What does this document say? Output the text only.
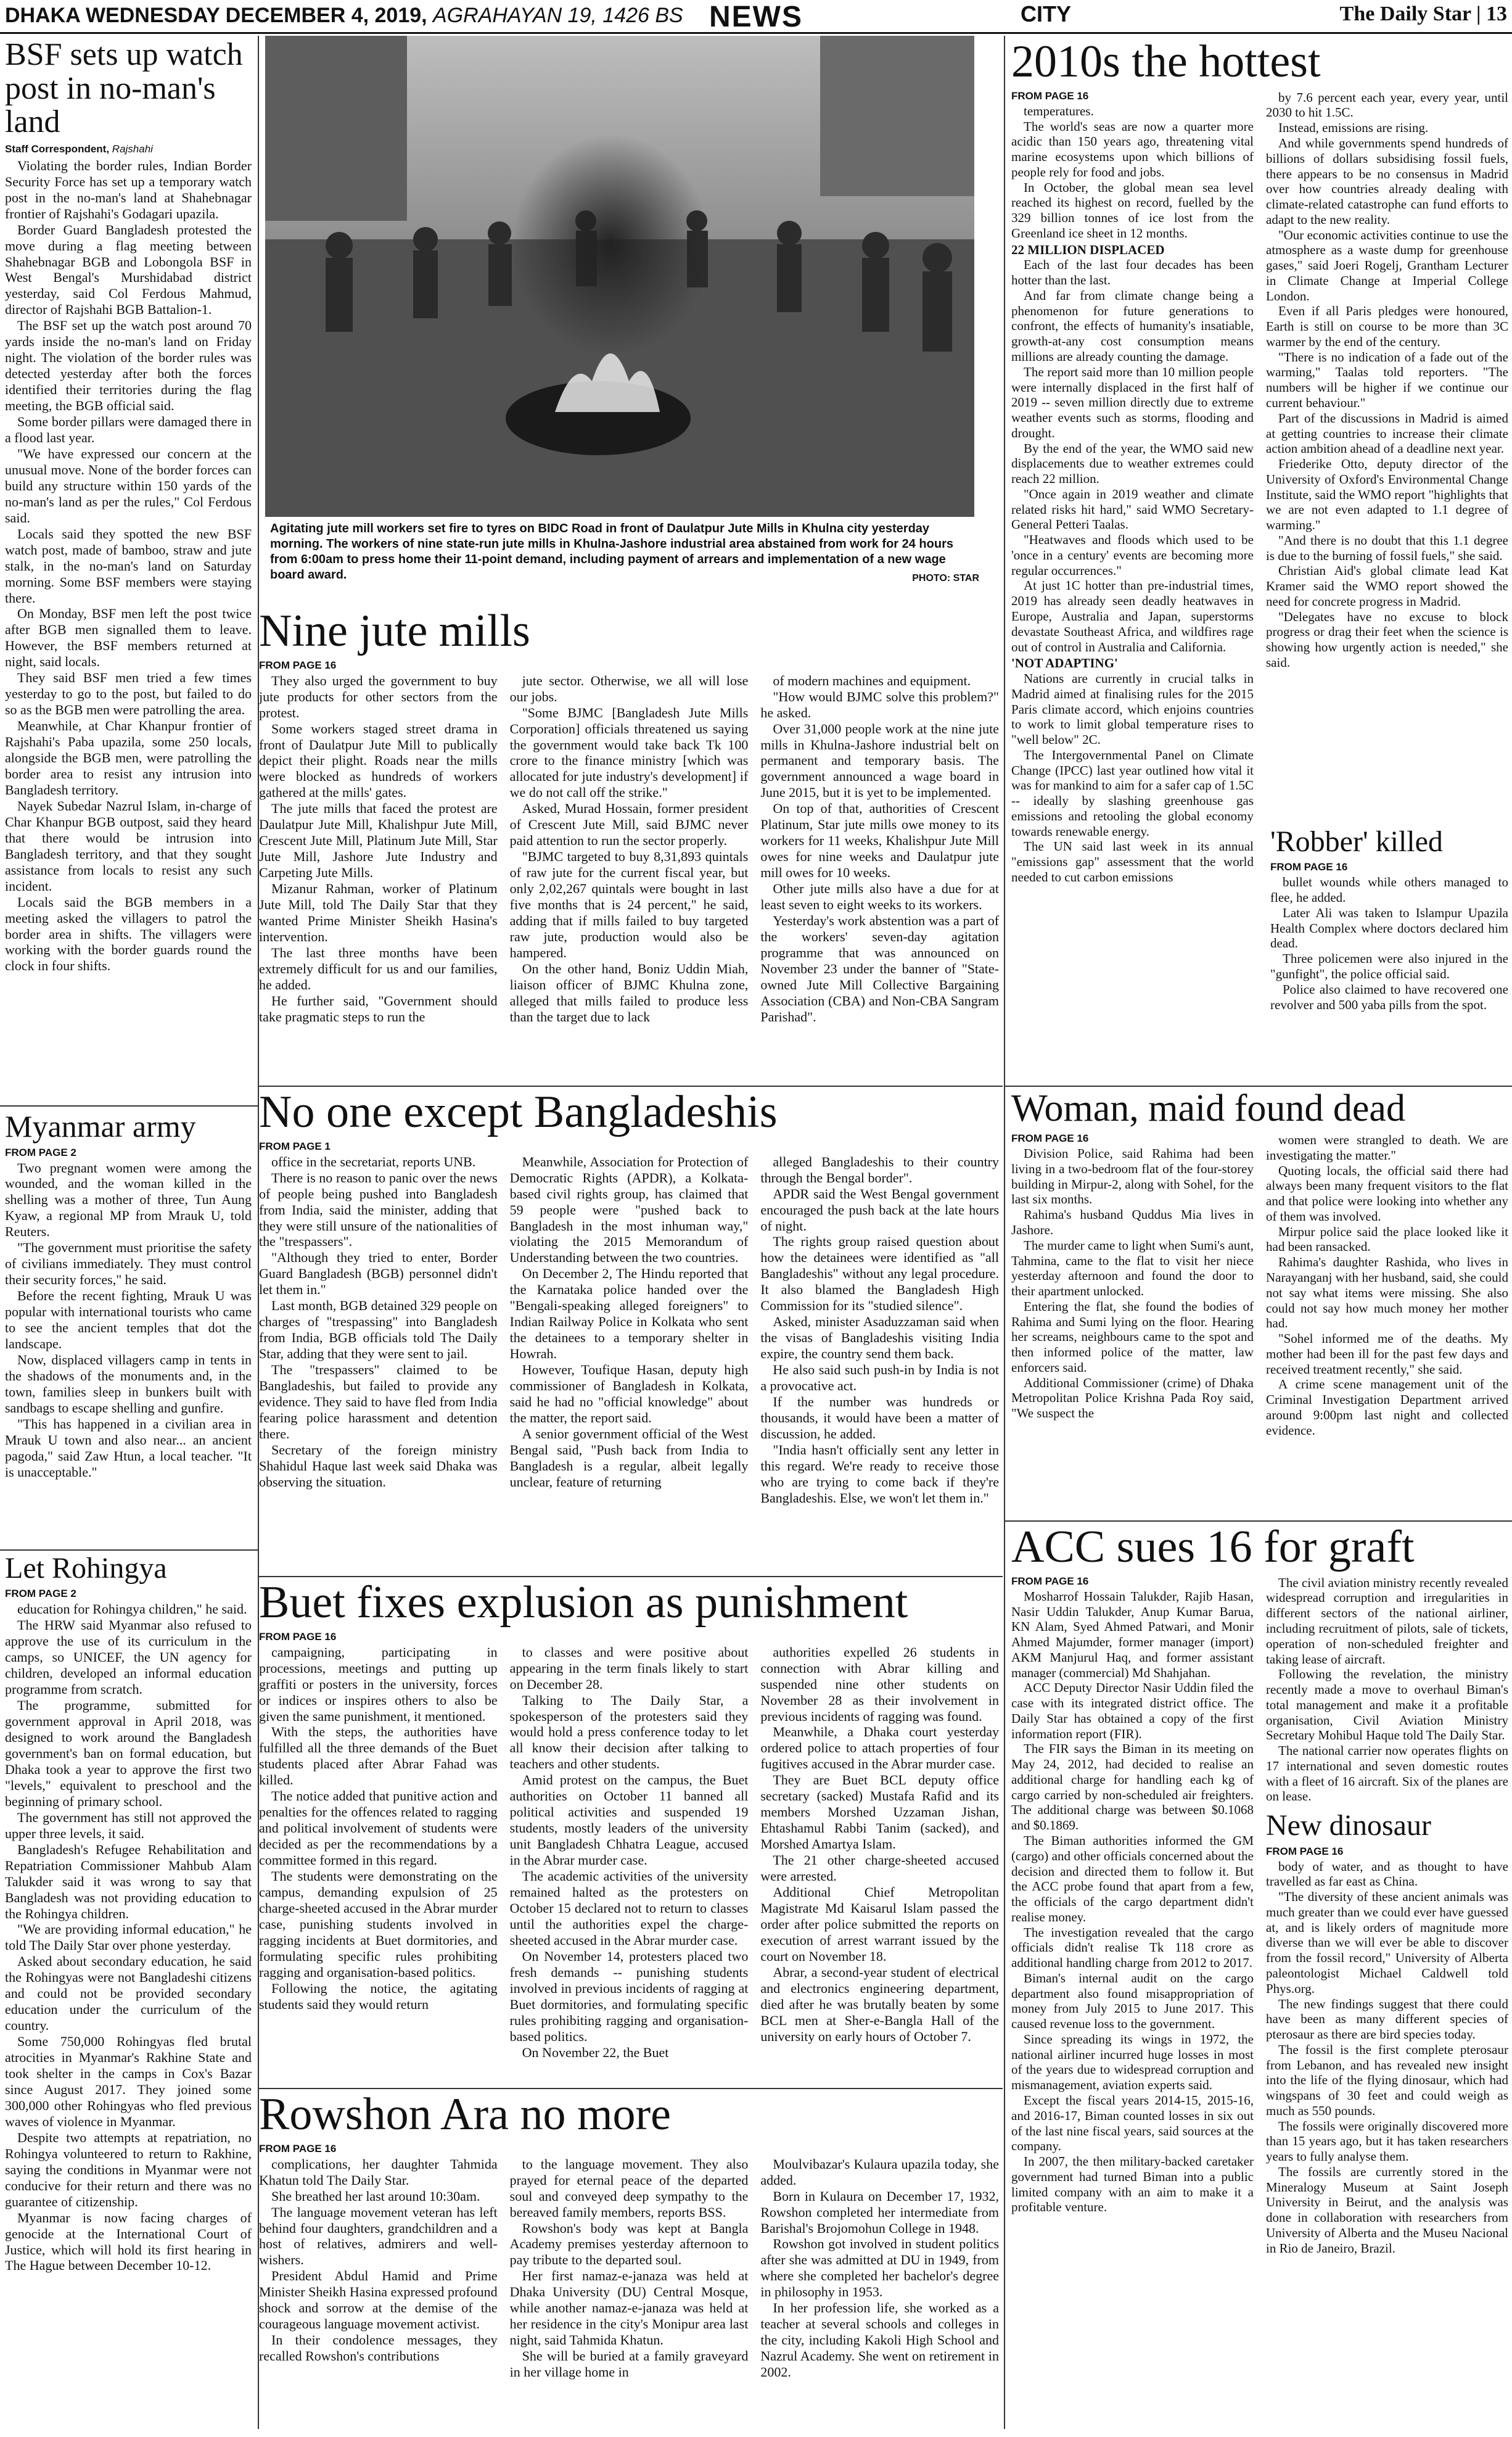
DHAKA WEDNESDAY DECEMBER 4, 2019, AGRAHAYAN 19, 1426 BS NEWS	CITY	The Daily Star | 13
BSF sets up watch post in no-man's land
Staff Correspondent, Rajshahi

Violating the border rules, Indian Border Security Force has set up a temporary watch post in the no-man's land at Shahebnagar frontier of Rajshahi's Godagari upazila.

Border Guard Bangladesh protested the move during a flag meeting between Shahebnagar BGB and Lobongola BSF in West Bengal's Murshidabad district yesterday, said Col Ferdous Mahmud, director of Rajshahi BGB Battalion-1.

The BSF set up the watch post around 70 yards inside the no-man's land on Friday night. The violation of the border rules was detected yesterday after both the forces identified their territories during the flag meeting, the BGB official said.

Some border pillars were damaged there in a flood last year.

"We have expressed our concern at the unusual move. None of the border forces can build any structure within 150 yards of the no-man's land as per the rules," Col Ferdous said.

Locals said they spotted the new BSF watch post, made of bamboo, straw and jute stalk, in the no-man's land on Saturday morning. Some BSF members were staying there.

On Monday, BSF men left the post twice after BGB men signalled them to leave. However, the BSF members returned at night, said locals.

They said BSF men tried a few times yesterday to go to the post, but failed to do so as the BGB men were patrolling the area.

Meanwhile, at Char Khanpur frontier of Rajshahi's Paba upazila, some 250 locals, alongside the BGB men, were patrolling the border area to resist any intrusion into Bangladesh territory.

Nayek Subedar Nazrul Islam, in-charge of Char Khanpur BGB outpost, said they heard that there would be intrusion into Bangladesh territory, and that they sought assistance from locals to resist any such incident.

Locals said the BGB members in a meeting asked the villagers to patrol the border area in shifts. The villagers were working with the border guards round the clock in four shifts.

Myanmar army
FROM PAGE 2

Two pregnant women were among the wounded, and the woman killed in the shelling was a mother of three, Tun Aung Kyaw, a regional MP from Mrauk U, told Reuters.

"The government must prioritise the safety of civilians immediately. They must control their security forces," he said.

Before the recent fighting, Mrauk U was popular with international tourists who came to see the ancient temples that dot the landscape.

Now, displaced villagers camp in tents in the shadows of the monuments and, in the town, families sleep in bunkers built with sandbags to escape shelling and gunfire.

"This has happened in a civilian area in Mrauk U town and also near... an ancient pagoda," said Zaw Htun, a local teacher. "It is unacceptable."

Let Rohingya
FROM PAGE 2

education for Rohingya children," he said.

The HRW said Myanmar also refused to approve the use of its curriculum in the camps, so UNICEF, the UN agency for children, developed an informal education programme from scratch.

The programme, submitted for government approval in April 2018, was designed to work around the Bangladesh government's ban on formal education, but Dhaka took a year to approve the first two "levels," equivalent to preschool and the beginning of primary school.

The government has still not approved the upper three levels, it said.

Bangladesh's Refugee Rehabilitation and Repatriation Commissioner Mahbub Alam Talukder said it was wrong to say that Bangladesh was not providing education to the Rohingya children.

"We are providing informal education," he told The Daily Star over phone yesterday.

Asked about secondary education, he said the Rohingyas were not Bangladeshi citizens and could not be provided secondary education under the curriculum of the country.

Some 750,000 Rohingyas fled brutal atrocities in Myanmar's Rakhine State and took shelter in the camps in Cox's Bazar since August 2017. They joined some 300,000 other Rohingyas who fled previous waves of violence in Myanmar.

Despite two attempts at repatriation, no Rohingya volunteered to return to Rakhine, saying the conditions in Myanmar were not conducive for their return and there was no guarantee of citizenship.

Myanmar is now facing charges of genocide at the International Court of Justice, which will hold its first hearing in The Hague between December 10-12.

Agitating jute mill workers set fire to tyres on BIDC Road in front of Daulatpur Jute Mills in Khulna city yesterday morning. The workers of nine state-run jute mills in Khulna-Jashore industrial area abstained from work for 24 hours from 6:00am to press home their 11-point demand, including payment of arrears and implementation of a new wage board award.	PHOTO: STAR
Nine jute mills
FROM PAGE 16

They also urged the government to buy jute products for other sectors from the protest.

Some workers staged street drama in front of Daulatpur Jute Mill to publically depict their plight. Roads near the mills were blocked as hundreds of workers gathered at the mills' gates.

The jute mills that faced the protest are Daulatpur Jute Mill, Khalishpur Jute Mill, Crescent Jute Mill, Platinum Jute Mill, Star Jute Mill, Jashore Jute Industry and Carpeting Jute Mills.

Mizanur Rahman, worker of Platinum Jute Mill, told The Daily Star that they wanted Prime Minister Sheikh Hasina's intervention.

The last three months have been extremely difficult for us and our families, he added.

He further said, "Government should take pragmatic steps to run the

jute sector. Otherwise, we all will lose our jobs.

"Some BJMC [Bangladesh Jute Mills Corporation] officials threatened us saying the government would take back Tk 100 crore to the finance ministry [which was allocated for jute industry's development] if we do not call off the strike."

Asked, Murad Hossain, former president of Crescent Jute Mill, said BJMC never paid attention to run the sector properly.

"BJMC targeted to buy 8,31,893 quintals of raw jute for the current fiscal year, but only 2,02,267 quintals were bought in last five months that is 24 percent," he said, adding that if mills failed to buy targeted raw jute, production would also be hampered.

On the other hand, Boniz Uddin Miah, liaison officer of BJMC Khulna zone, alleged that mills failed to produce less than the target due to lack

of modern machines and equipment.

"How would BJMC solve this problem?" he asked.

Over 31,000 people work at the nine jute mills in Khulna-Jashore industrial belt on permanent and temporary basis. The government announced a wage board in June 2015, but it is yet to be implemented.

On top of that, authorities of Crescent Platinum, Star jute mills owe money to its workers for 11 weeks, Khalishpur Jute Mill owes for nine weeks and Daulatpur jute mill owes for 10 weeks.

Other jute mills also have a due for at least seven to eight weeks to its workers.

Yesterday's work abstention was a part of the workers' seven-day agitation programme that was announced on November 23 under the banner of "State-owned Jute Mill Collective Bargaining Association (CBA) and Non-CBA Sangram Parishad".

No one except Bangladeshis
FROM PAGE 1

office in the secretariat, reports UNB.

There is no reason to panic over the news of people being pushed into Bangladesh from India, said the minister, adding that they were still unsure of the nationalities of the "trespassers".

"Although they tried to enter, Border Guard Bangladesh (BGB) personnel didn't let them in."

Last month, BGB detained 329 people on charges of "trespassing" into Bangladesh from India, BGB officials told The Daily Star, adding that they were sent to jail.

The "trespassers" claimed to be Bangladeshis, but failed to provide any evidence. They said to have fled from India fearing police harassment and detention there.

Secretary of the foreign ministry Shahidul Haque last week said Dhaka was observing the situation.

Meanwhile, Association for Protection of Democratic Rights (APDR), a Kolkata-based civil rights group, has claimed that 59 people were "pushed back to Bangladesh in the most inhuman way," violating the 2015 Memorandum of Understanding between the two countries.

On December 2, The Hindu reported that the Karnataka police handed over the "Bengali-speaking alleged foreigners" to Indian Railway Police in Kolkata who sent the detainees to a temporary shelter in Howrah.

However, Toufique Hasan, deputy high commissioner of Bangladesh in Kolkata, said he had no "official knowledge" about the matter, the report said.

A senior government official of the West Bengal said, "Push back from India to Bangladesh is a regular, albeit legally unclear, feature of returning

alleged Bangladeshis to their country through the Bengal border".

APDR said the West Bengal government encouraged the push back at the late hours of night.

The rights group raised question about how the detainees were identified as "all Bangladeshis" without any legal procedure. It also blamed the Bangladesh High Commission for its "studied silence".

Asked, minister Asaduzzaman said when the visas of Bangladeshis visiting India expire, the country send them back.

He also said such push-in by India is not a provocative act.

If the number was hundreds or thousands, it would have been a matter of discussion, he added.

"India hasn't officially sent any letter in this regard. We're ready to receive those who are trying to come back if they're Bangladeshis. Else, we won't let them in."

Buet fixes explusion as punishment
FROM PAGE 16

campaigning, participating in processions, meetings and putting up graffiti or posters in the university, forces or indices or inspires others to also be given the same punishment, it mentioned.

With the steps, the authorities have fulfilled all the three demands of the Buet students placed after Abrar Fahad was killed.

The notice added that punitive action and penalties for the offences related to ragging and political involvement of students were decided as per the recommendations by a committee formed in this regard.

The students were demonstrating on the campus, demanding expulsion of 25 charge-sheeted accused in the Abrar murder case, punishing students involved in ragging incidents at Buet dormitories, and formulating specific rules prohibiting ragging and organisation-based politics.

Following the notice, the agitating students said they would return

to classes and were positive about appearing in the term finals likely to start on December 28.

Talking to The Daily Star, a spokesperson of the protesters said they would hold a press conference today to let all know their decision after talking to teachers and other students.

Amid protest on the campus, the Buet authorities on October 11 banned all political activities and suspended 19 students, mostly leaders of the university unit Bangladesh Chhatra League, accused in the Abrar murder case.

The academic activities of the university remained halted as the protesters on October 15 declared not to return to classes until the authorities expel the charge-sheeted accused in the Abrar murder case.

On November 14, protesters placed two fresh demands -- punishing students involved in previous incidents of ragging at Buet dormitories, and formulating specific rules prohibiting ragging and organisation-based politics.

On November 22, the Buet

authorities expelled 26 students in connection with Abrar killing and suspended nine other students on November 28 as their involvement in previous incidents of ragging was found.

Meanwhile, a Dhaka court yesterday ordered police to attach properties of four fugitives accused in the Abrar murder case.

They are Buet BCL deputy office secretary (sacked) Mustafa Rafid and its members Morshed Uzzaman Jishan, Ehtashamul Rabbi Tanim (sacked), and Morshed Amartya Islam.

The 21 other charge-sheeted accused were arrested.

Additional Chief Metropolitan Magistrate Md Kaisarul Islam passed the order after police submitted the reports on execution of arrest warrant issued by the court on November 18.

Abrar, a second-year student of electrical and electronics engineering department, died after he was brutally beaten by some BCL men at Sher-e-Bangla Hall of the university on early hours of October 7.

Rowshon Ara no more
FROM PAGE 16

complications, her daughter Tahmida Khatun told The Daily Star.

She breathed her last around 10:30am.

The language movement veteran has left behind four daughters, grandchildren and a host of relatives, admirers and well-wishers.

President Abdul Hamid and Prime Minister Sheikh Hasina expressed profound shock and sorrow at the demise of the courageous language movement activist.

In their condolence messages, they recalled Rowshon's contributions

to the language movement. They also prayed for eternal peace of the departed soul and conveyed deep sympathy to the bereaved family members, reports BSS.

Rowshon's body was kept at Bangla Academy premises yesterday afternoon to pay tribute to the departed soul.

Her first namaz-e-janaza was held at Dhaka University (DU) Central Mosque, while another namaz-e-janaza was held at her residence in the city's Monipur area last night, said Tahmida Khatun.

She will be buried at a family graveyard in her village home in

Moulvibazar's Kulaura upazila today, she added.

Born in Kulaura on December 17, 1932, Rowshon completed her intermediate from Barishal's Brojomohun College in 1948.

Rowshon got involved in student politics after she was admitted at DU in 1949, from where she completed her bachelor's degree in philosophy in 1953.

In her profession life, she worked as a teacher at several schools and colleges in the city, including Kakoli High School and Nazrul Academy. She went on retirement in 2002.

2010s the hottest
FROM PAGE 16

temperatures.

The world's seas are now a quarter more acidic than 150 years ago, threatening vital marine ecosystems upon which billions of people rely for food and jobs.

In October, the global mean sea level reached its highest on record, fuelled by the 329 billion tonnes of ice lost from the Greenland ice sheet in 12 months.

22 MILLION DISPLACED

Each of the last four decades has been hotter than the last.

And far from climate change being a phenomenon for future generations to confront, the effects of humanity's insatiable, growth-at-any cost consumption means millions are already counting the damage.

The report said more than 10 million people were internally displaced in the first half of 2019 -- seven million directly due to extreme weather events such as storms, flooding and drought.

By the end of the year, the WMO said new displacements due to weather extremes could reach 22 million.

"Once again in 2019 weather and climate related risks hit hard," said WMO Secretary-General Petteri Taalas.

"Heatwaves and floods which used to be 'once in a century' events are becoming more regular occurrences."

At just 1C hotter than pre-industrial times, 2019 has already seen deadly heatwaves in Europe, Australia and Japan, superstorms devastate Southeast Africa, and wildfires rage out of control in Australia and California.

'NOT ADAPTING'

Nations are currently in crucial talks in Madrid aimed at finalising rules for the 2015 Paris climate accord, which enjoins countries to work to limit global temperature rises to "well below" 2C.

The Intergovernmental Panel on Climate Change (IPCC) last year outlined how vital it was for mankind to aim for a safer cap of 1.5C -- ideally by slashing greenhouse gas emissions and retooling the global economy towards renewable energy.

The UN said last week in its annual "emissions gap" assessment that the world needed to cut carbon emissions

by 7.6 percent each year, every year, until 2030 to hit 1.5C.

Instead, emissions are rising.

And while governments spend hundreds of billions of dollars subsidising fossil fuels, there appears to be no consensus in Madrid over how countries already dealing with climate-related catastrophe can fund efforts to adapt to the new reality.

"Our economic activities continue to use the atmosphere as a waste dump for greenhouse gases," said Joeri Rogelj, Grantham Lecturer in Climate Change at Imperial College London.

Even if all Paris pledges were honoured, Earth is still on course to be more than 3C warmer by the end of the century.

"There is no indication of a fade out of the warming," Taalas told reporters. "The numbers will be higher if we continue our current behaviour."

Part of the discussions in Madrid is aimed at getting countries to increase their climate action ambition ahead of a deadline next year.

Friederike Otto, deputy director of the University of Oxford's Environmental Change Institute, said the WMO report "highlights that we are not even adapted to 1.1 degree of warming."

"And there is no doubt that this 1.1 degree is due to the burning of fossil fuels," she said.

Christian Aid's global climate lead Kat Kramer said the WMO report showed the need for concrete progress in Madrid.

"Delegates have no excuse to block progress or drag their feet when the science is showing how urgently action is needed," she said.

'Robber' killed
FROM PAGE 16

bullet wounds while others managed to flee, he added.

Later Ali was taken to Islampur Upazila Health Complex where doctors declared him dead.

Three policemen were also injured in the "gunfight", the police official said.

Police also claimed to have recovered one revolver and 500 yaba pills from the spot.

Woman, maid found dead
FROM PAGE 16

Division Police, said Rahima had been living in a two-bedroom flat of the four-storey building in Mirpur-2, along with Sohel, for the last six months.

Rahima's husband Quddus Mia lives in Jashore.

The murder came to light when Sumi's aunt, Tahmina, came to the flat to visit her niece yesterday afternoon and found the door to their apartment unlocked.

Entering the flat, she found the bodies of Rahima and Sumi lying on the floor. Hearing her screams, neighbours came to the spot and then informed police of the matter, law enforcers said.

Additional Commissioner (crime) of Dhaka Metropolitan Police Krishna Pada Roy said, "We suspect the

women were strangled to death. We are investigating the matter."

Quoting locals, the official said there had always been many frequent visitors to the flat and that police were looking into whether any of them was involved.

Mirpur police said the place looked like it had been ransacked.

Rahima's daughter Rashida, who lives in Narayanganj with her husband, said, she could not say what items were missing. She also could not say how much money her mother had.

"Sohel informed me of the deaths. My mother had been ill for the past few days and received treatment recently," she said.

A crime scene management unit of the Criminal Investigation Department arrived around 9:00pm last night and collected evidence.

ACC sues 16 for graft
FROM PAGE 16

Mosharrof Hossain Talukder, Rajib Hasan, Nasir Uddin Talukder, Anup Kumar Barua, KN Alam, Syed Ahmed Patwari, and Monir Ahmed Majumder, former manager (import) AKM Manjurul Haq, and former assistant manager (commercial) Md Shahjahan.

ACC Deputy Director Nasir Uddin filed the case with its integrated district office. The Daily Star has obtained a copy of the first information report (FIR).

The FIR says the Biman in its meeting on May 24, 2012, had decided to realise an additional charge for handling each kg of cargo carried by non-scheduled air freighters. The additional charge was between $0.1068 and $0.1869.

The Biman authorities informed the GM (cargo) and other officials concerned about the decision and directed them to follow it. But the ACC probe found that apart from a few, the officials of the cargo department didn't realise money.

The investigation revealed that the cargo officials didn't realise Tk 118 crore as additional handling charge from 2012 to 2017.

Biman's internal audit on the cargo department also found misappropriation of money from July 2015 to June 2017. This caused revenue loss to the government.

Since spreading its wings in 1972, the national airliner incurred huge losses in most of the years due to widespread corruption and mismanagement, aviation experts said.

Except the fiscal years 2014-15, 2015-16, and 2016-17, Biman counted losses in six out of the last nine fiscal years, said sources at the company.

In 2007, the then military-backed caretaker government had turned Biman into a public limited company with an aim to make it a profitable venture.

The civil aviation ministry recently revealed widespread corruption and irregularities in different sectors of the national airliner, including recruitment of pilots, sale of tickets, operation of non-scheduled freighter and taking lease of aircraft.

Following the revelation, the ministry recently made a move to overhaul Biman's total management and make it a profitable organisation, Civil Aviation Ministry Secretary Mohibul Haque told The Daily Star.

The national carrier now operates flights on 17 international and seven domestic routes with a fleet of 16 aircraft. Six of the planes are on lease.

New dinosaur
FROM PAGE 16

body of water, and as thought to have travelled as far east as China.

"The diversity of these ancient animals was much greater than we could ever have guessed at, and is likely orders of magnitude more diverse than we will ever be able to discover from the fossil record," University of Alberta paleontologist Michael Caldwell told Phys.org.

The new findings suggest that there could have been as many different species of pterosaur as there are bird species today.

The fossil is the first complete pterosaur from Lebanon, and has revealed new insight into the life of the flying dinosaur, which had wingspans of 30 feet and could weigh as much as 550 pounds.

The fossils were originally discovered more than 15 years ago, but it has taken researchers years to fully analyse them.

The fossils are currently stored in the Mineralogy Museum at Saint Joseph University in Beirut, and the analysis was done in collaboration with researchers from University of Alberta and the Museu Nacional in Rio de Janeiro, Brazil.
